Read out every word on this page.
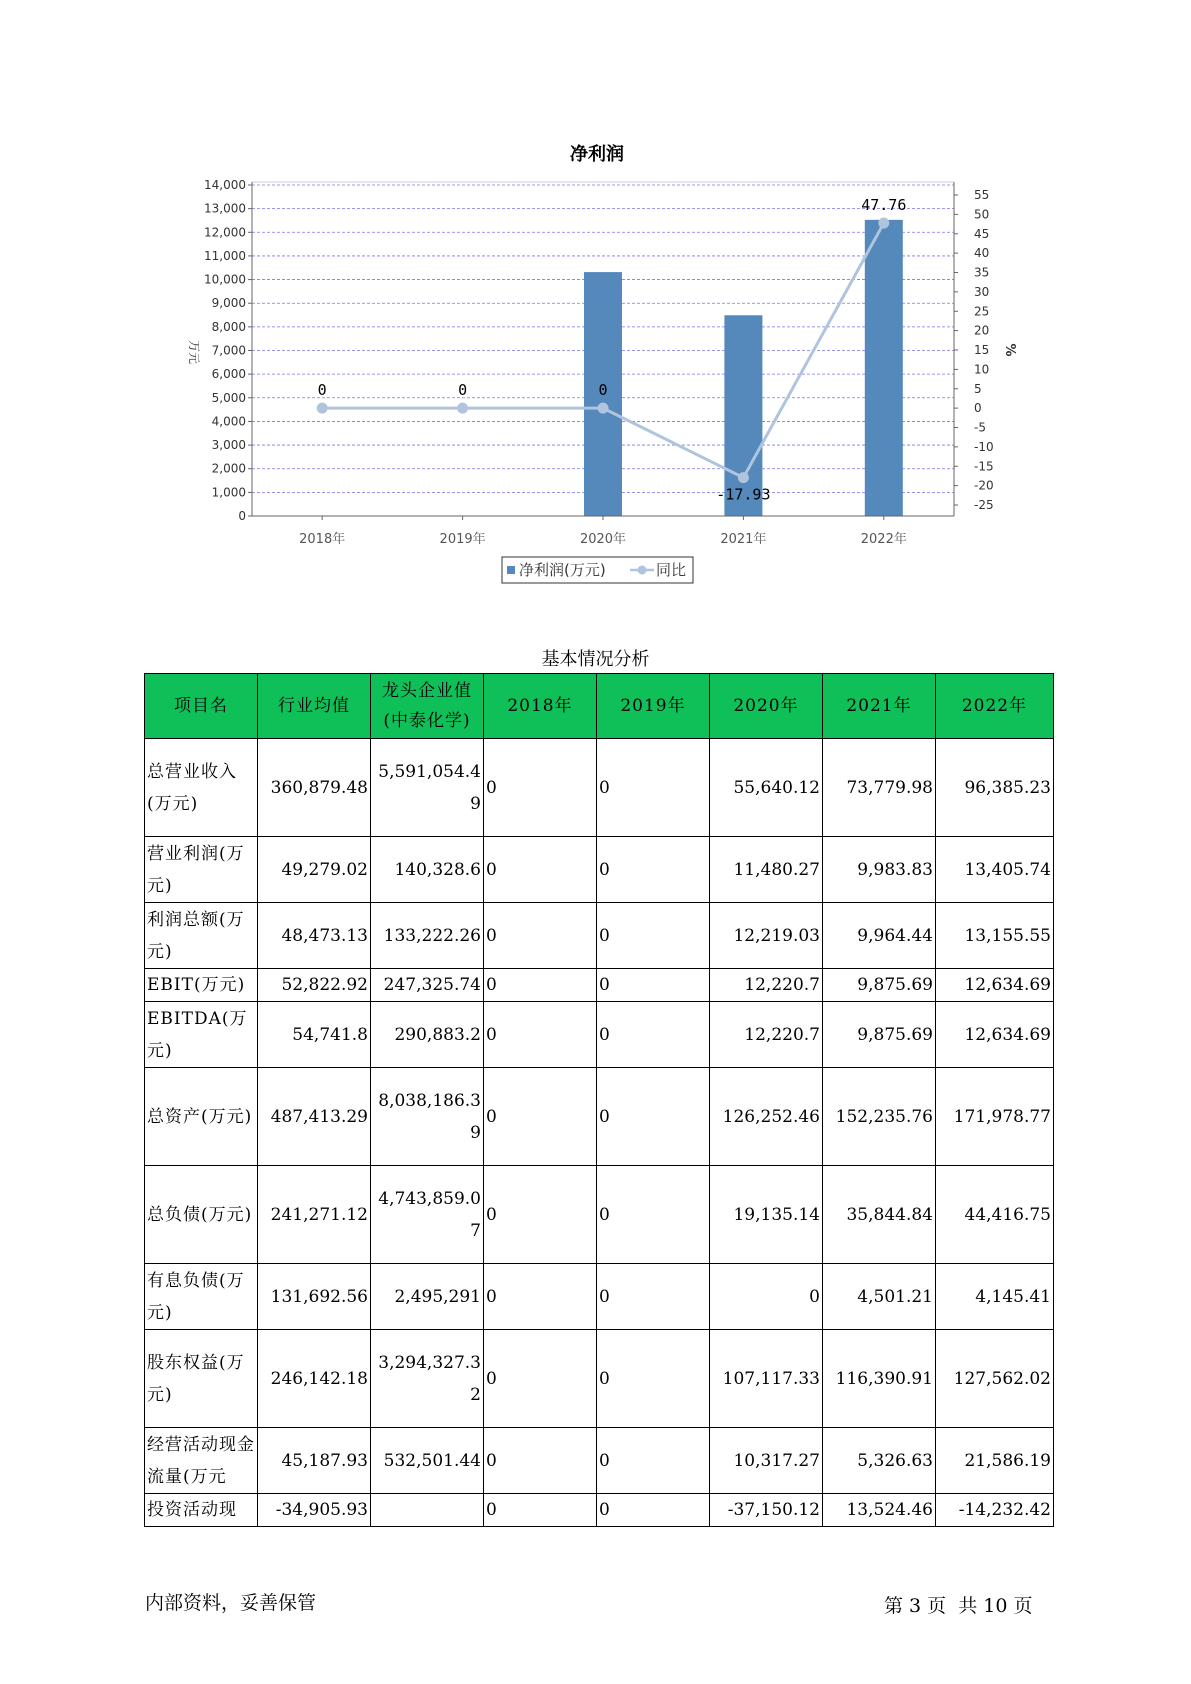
净利润
0
1,000
2,000
3,000
4,000
5,000
6,000
7,000
8,000
9,000
10,000
11,000
12,000
13,000
14,000
55
50
45
40
35
30
25
20
15
10
5
0
-5
-10
-15
-20
-25
万元	%
2018年	2019年	2020年	2021年	2022年
0	0	0
-17.93
47.76
净利润(万元)	同比
基本情况分析
项目名	行业均值	龙头企业值(中泰化学)	2018年	2019年	2020年	2021年	2022年
总营业收入(万元)	360,879.48	5,591,054.49	0	0	55,640.12	73,779.98	96,385.23
营业利润(万元)	49,279.02	140,328.6	0	0	11,480.27	9,983.83	13,405.74
利润总额(万元)	48,473.13	133,222.26	0	0	12,219.03	9,964.44	13,155.55
EBIT(万元)	52,822.92	247,325.74	0	0	12,220.7	9,875.69	12,634.69
EBITDA(万元)	54,741.8	290,883.2	0	0	12,220.7	9,875.69	12,634.69
总资产(万元)	487,413.29	8,038,186.39	0	0	126,252.46	152,235.76	171,978.77
总负债(万元)	241,271.12	4,743,859.07	0	0	19,135.14	35,844.84	44,416.75
有息负债(万元)	131,692.56	2,495,291	0	0	0	4,501.21	4,145.41
股东权益(万元)	246,142.18	3,294,327.32	0	0	107,117.33	116,390.91	127,562.02
经营活动现金流量(万元	45,187.93	532,501.44	0	0	10,317.27	5,326.63	21,586.19
投资活动现	-34,905.93		0	0	-37,150.12	13,524.46	-14,232.42
内部资料，妥善保管	第 3 页  共 10 页
